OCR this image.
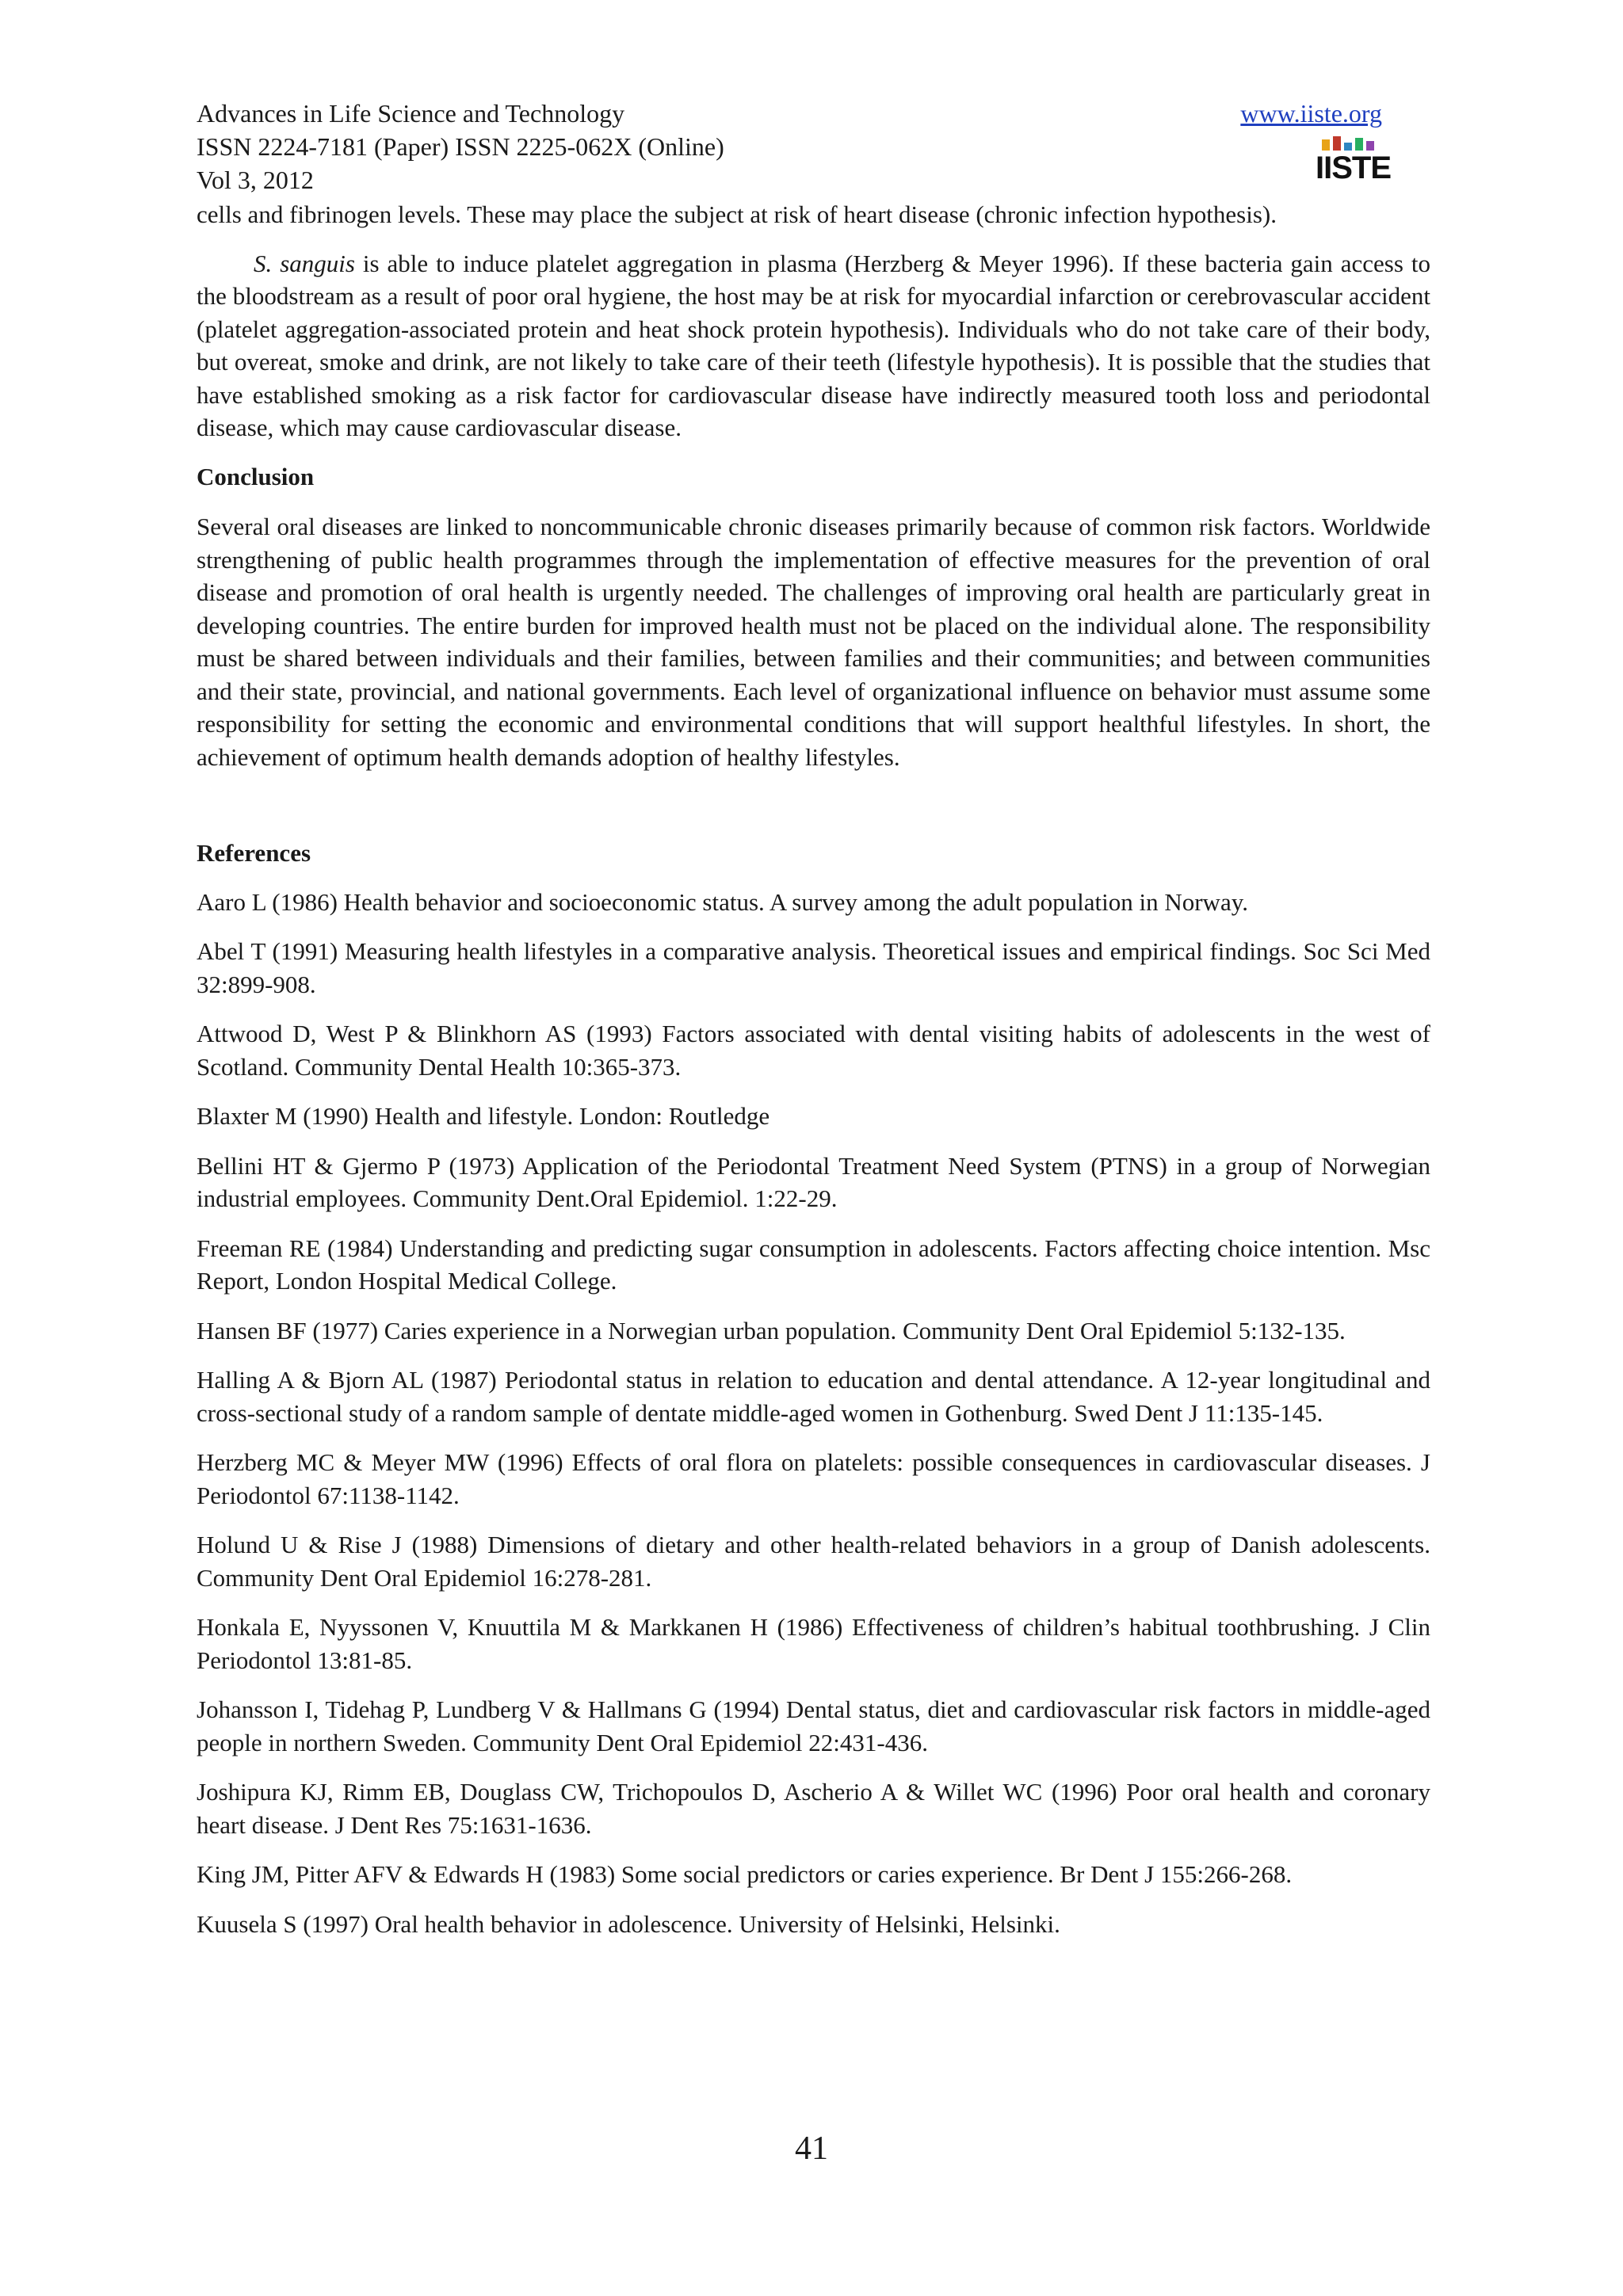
Advances in Life Science and Technology
ISSN 2224-7181 (Paper) ISSN 2225-062X (Online)
Vol 3, 2012
www.iiste.org
IISTE

cells and fibrinogen levels. These may place the subject at risk of heart disease (chronic infection hypothesis).

S. sanguis is able to induce platelet aggregation in plasma (Herzberg & Meyer 1996). If these bacteria gain access to the bloodstream as a result of poor oral hygiene, the host may be at risk for myocardial infarction or cerebrovascular accident (platelet aggregation-associated protein and heat shock protein hypothesis). Individuals who do not take care of their body, but overeat, smoke and drink, are not likely to take care of their teeth (lifestyle hypothesis). It is possible that the studies that have established smoking as a risk factor for cardiovascular disease have indirectly measured tooth loss and periodontal disease, which may cause cardiovascular disease.

Conclusion

Several oral diseases are linked to noncommunicable chronic diseases primarily because of common risk factors. Worldwide strengthening of public health programmes through the implementation of effective measures for the prevention of oral disease and promotion of oral health is urgently needed. The challenges of improving oral health are particularly great in developing countries. The entire burden for improved health must not be placed on the individual alone. The responsibility must be shared between individuals and their families, between families and their communities; and between communities and their state, provincial, and national governments. Each level of organizational influence on behavior must assume some responsibility for setting the economic and environmental conditions that will support healthful lifestyles. In short, the achievement of optimum health demands adoption of healthy lifestyles.

References

Aaro L (1986) Health behavior and socioeconomic status. A survey among the adult population in Norway.

Abel T (1991) Measuring health lifestyles in a comparative analysis. Theoretical issues and empirical findings. Soc Sci Med 32:899-908.

Attwood D, West P & Blinkhorn AS (1993) Factors associated with dental visiting habits of adolescents in the west of Scotland. Community Dental Health 10:365-373.

Blaxter M (1990) Health and lifestyle. London: Routledge

Bellini HT & Gjermo P (1973) Application of the Periodontal Treatment Need System (PTNS) in a group of Norwegian industrial employees. Community Dent.Oral Epidemiol. 1:22-29.

Freeman RE (1984) Understanding and predicting sugar consumption in adolescents. Factors affecting choice intention. Msc Report, London Hospital Medical College.

Hansen BF (1977) Caries experience in a Norwegian urban population. Community Dent Oral Epidemiol 5:132-135.

Halling A & Bjorn AL (1987) Periodontal status in relation to education and dental attendance. A 12-year longitudinal and cross-sectional study of a random sample of dentate middle-aged women in Gothenburg. Swed Dent J 11:135-145.

Herzberg MC & Meyer MW (1996) Effects of oral flora on platelets: possible consequences in cardiovascular diseases. J Periodontol 67:1138-1142.

Holund U & Rise J (1988) Dimensions of dietary and other health-related behaviors in a group of Danish adolescents. Community Dent Oral Epidemiol 16:278-281.

Honkala E, Nyyssonen V, Knuuttila M & Markkanen H (1986) Effectiveness of children’s habitual toothbrushing. J Clin Periodontol 13:81-85.

Johansson I, Tidehag P, Lundberg V & Hallmans G (1994) Dental status, diet and cardiovascular risk factors in middle-aged people in northern Sweden. Community Dent Oral Epidemiol 22:431-436.

Joshipura KJ, Rimm EB, Douglass CW, Trichopoulos D, Ascherio A & Willet WC (1996) Poor oral health and coronary heart disease. J Dent Res 75:1631-1636.

King JM, Pitter AFV & Edwards H (1983) Some social predictors or caries experience. Br Dent J 155:266-268.

Kuusela S (1997) Oral health behavior in adolescence. University of Helsinki, Helsinki.

41
